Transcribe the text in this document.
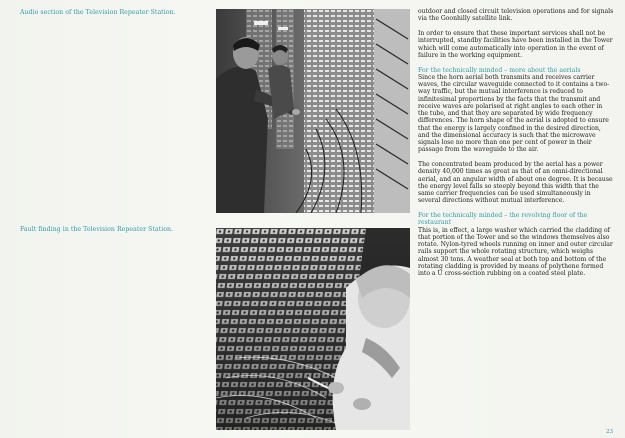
Audio section of the Television Repeater Station.
Fault finding in the Television Repeater Station.

outdoor and closed circuit television operations and for signals via the Goonhilly satellite link.

In order to ensure that these important services shall not be interrupted, standby facilities have been installed in the Tower which will come automatically into operation in the event of failure in the working equipment.

For the technically minded – more about the aerials

Since the horn aerial both transmits and receives carrier waves, the circular waveguide connected to it contains a two-way traffic, but the mutual interference is reduced to infinitesimal proportions by the facts that the transmit and receive waves are polarised at right angles to each other in the tube, and that they are separated by wide frequency differences. The horn shape of the aerial is adopted to ensure that the energy is largely confined in the desired direction, and the dimensional accuracy is such that the microwave signals lose no more than one per cent of power in their passage from the waveguide to the air.

The concentrated beam produced by the aerial has a power density 40,000 times as great as that of an omni-directional aerial, and an angular width of about one degree. It is because the energy level falls so steeply beyond this width that the same carrier frequencies can be used simultaneously in several directions without mutual interference.

For the technically minded – the revolving floor of the restaurant

This is, in effect, a large washer which carried the cladding of that portion of the Tower and so the windows themselves also rotate. Nylon-tyred wheels running on inner and outer circular rails support the whole rotating structure, which weighs almost 30 tons. A weather seal at both top and bottom of the rotating cladding is provided by means of polythene formed into a U cross-section rubbing on a coated steel plate.

23
